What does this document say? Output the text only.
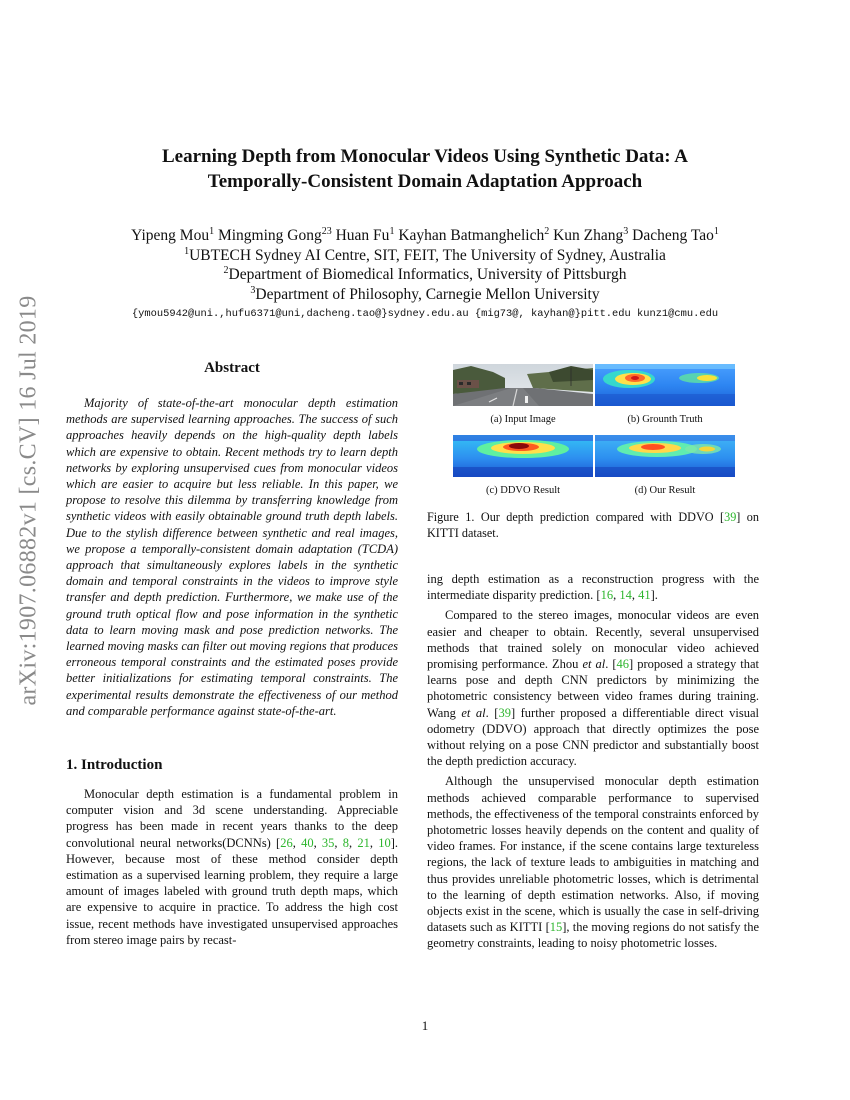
arXiv:1907.06882v1 [cs.CV] 16 Jul 2019
Learning Depth from Monocular Videos Using Synthetic Data: A
Temporally-Consistent Domain Adaptation Approach
Yipeng Mou$^1$ Mingming Gong$^{23}$ Huan Fu$^1$ Kayhan Batmanghelich$^2$ Kun Zhang$^3$ Dacheng Tao$^1$
$^1$UBTECH Sydney AI Centre, SIT, FEIT, The University of Sydney, Australia
$^2$Department of Biomedical Informatics, University of Pittsburgh
$^3$Department of Philosophy, Carnegie Mellon University
{ymou5942@uni.,hufu6371@uni,dacheng.tao@}sydney.edu.au {mig73@, kayhan@}pitt.edu kunz1@cmu.edu
Abstract

Majority of state-of-the-art monocular depth estimation methods are supervised learning approaches. The success of such approaches heavily depends on the high-quality depth labels which are expensive to obtain. Recent methods try to learn depth networks by exploring unsupervised cues from monocular videos which are easier to acquire but less reliable. In this paper, we propose to resolve this dilemma by transferring knowledge from synthetic videos with easily obtainable ground truth depth labels. Due to the stylish difference between synthetic and real images, we propose a temporally-consistent domain adaptation (TCDA) approach that simultaneously explores labels in the synthetic domain and temporal constraints in the videos to improve style transfer and depth prediction. Furthermore, we make use of the ground truth optical flow and pose information in the synthetic data to learn moving mask and pose prediction networks. The learned moving masks can filter out moving regions that produces erroneous temporal constraints and the estimated poses provide better initializations for estimating temporal constraints. The experimental results demonstrate the effectiveness of our method and comparable performance against state-of-the-art.

1. Introduction

Monocular depth estimation is a fundamental problem in computer vision and 3d scene understanding. Appreciable progress has been made in recent years thanks to the deep convolutional neural networks(DCNNs) [26, 40, 35, 8, 21, 10]. However, because most of these method consider depth estimation as a supervised learning problem, they require a large amount of images labeled with ground truth depth maps, which are expensive to acquire in practice. To address the high cost issue, recent methods have investigated unsupervised approaches from stereo image pairs by recast-

(a) Input Image	(b) Grounth Truth
(c) DDVO Result	(d) Our Result

Figure 1. Our depth prediction compared with DDVO [39] on KITTI dataset.

ing depth estimation as a reconstruction progress with the intermediate disparity prediction. [16, 14, 41].

Compared to the stereo images, monocular videos are even easier and cheaper to obtain. Recently, several unsupervised methods that trained solely on monocular video achieved promising performance. Zhou et al. [46] proposed a strategy that learns pose and depth CNN predictors by minimizing the photometric consistency between video frames during training. Wang et al. [39] further proposed a differentiable direct visual odometry (DDVO) approach that directly optimizes the pose without relying on a pose CNN predictor and substantially boost the depth prediction accuracy.

Although the unsupervised monocular depth estimation methods achieved comparable performance to supervised methods, the effectiveness of the temporal constraints enforced by photometric losses heavily depends on the content and quality of video frames. For instance, if the scene contains large textureless regions, the lack of texture leads to ambiguities in matching and thus provides unreliable photometric losses, which is detrimental to the learning of depth estimation networks. Also, if moving objects exist in the scene, which is usually the case in self-driving datasets such as KITTI [15], the moving regions do not satisfy the geometry constraints, leading to noisy photometric losses.

1
